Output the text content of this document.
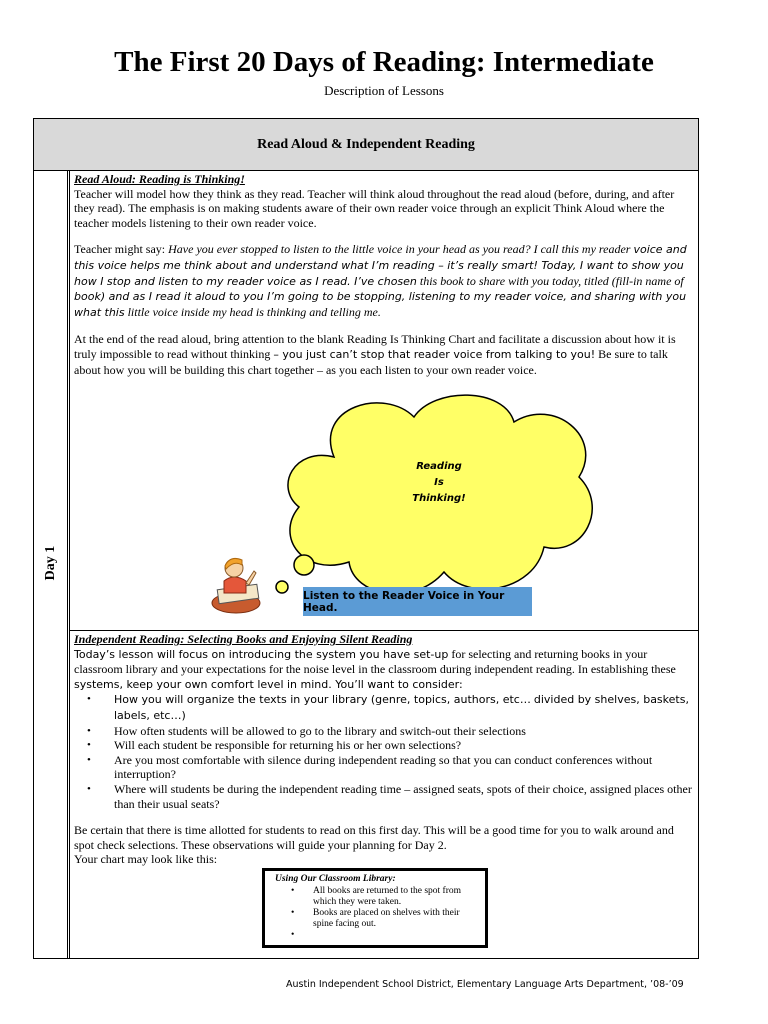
The First 20 Days of Reading: Intermediate
Description of Lessons
Read Aloud & Independent Reading
Day 1

Read Aloud: Reading is Thinking!

Teacher will model how they think as they read. Teacher will think aloud throughout the read aloud (before, during, and after they read). The emphasis is on making students aware of their own reader voice through an explicit Think Aloud where the teacher models listening to their own reader voice.

Teacher might say: Have you ever stopped to listen to the little voice in your head as you read? I call this my reader voice and this voice helps me think about and understand what I’m reading – it’s really smart! Today, I want to show you how I stop and listen to my reader voice as I read. I’ve chosen this book to share with you today, titled (fill-in name of book) and as I read it aloud to you I’m going to be stopping, listening to my reader voice, and sharing with you what this little voice inside my head is thinking and telling me.

At the end of the read aloud, bring attention to the blank Reading Is Thinking Chart and facilitate a discussion about how it is truly impossible to read without thinking – you just can’t stop that reader voice from talking to you! Be sure to talk about how you will be building this chart together – as you each listen to your own reader voice.

Reading
Is
Thinking!
Listen to the Reader Voice in Your Head.

Independent Reading: Selecting Books and Enjoying Silent Reading

Today’s lesson will focus on introducing the system you have set-up for selecting and returning books in your classroom library and your expectations for the noise level in the classroom during independent reading. In establishing these systems, keep your own comfort level in mind. You’ll want to consider:

• How you will organize the texts in your library (genre, topics, authors, etc… divided by shelves, baskets, labels, etc…)
• How often students will be allowed to go to the library and switch-out their selections
• Will each student be responsible for returning his or her own selections?
• Are you most comfortable with silence during independent reading so that you can conduct conferences without interruption?
• Where will students be during the independent reading time – assigned seats, spots of their choice, assigned places other than their usual seats?

Be certain that there is time allotted for students to read on this first day. This will be a good time for you to walk around and spot check selections. These observations will guide your planning for Day 2.

Your chart may look like this:

Using Our Classroom Library:
• All books are returned to the spot from which they were taken.
• Books are placed on shelves with their spine facing out.
•
Austin Independent School District, Elementary Language Arts Department, ’08-’09
